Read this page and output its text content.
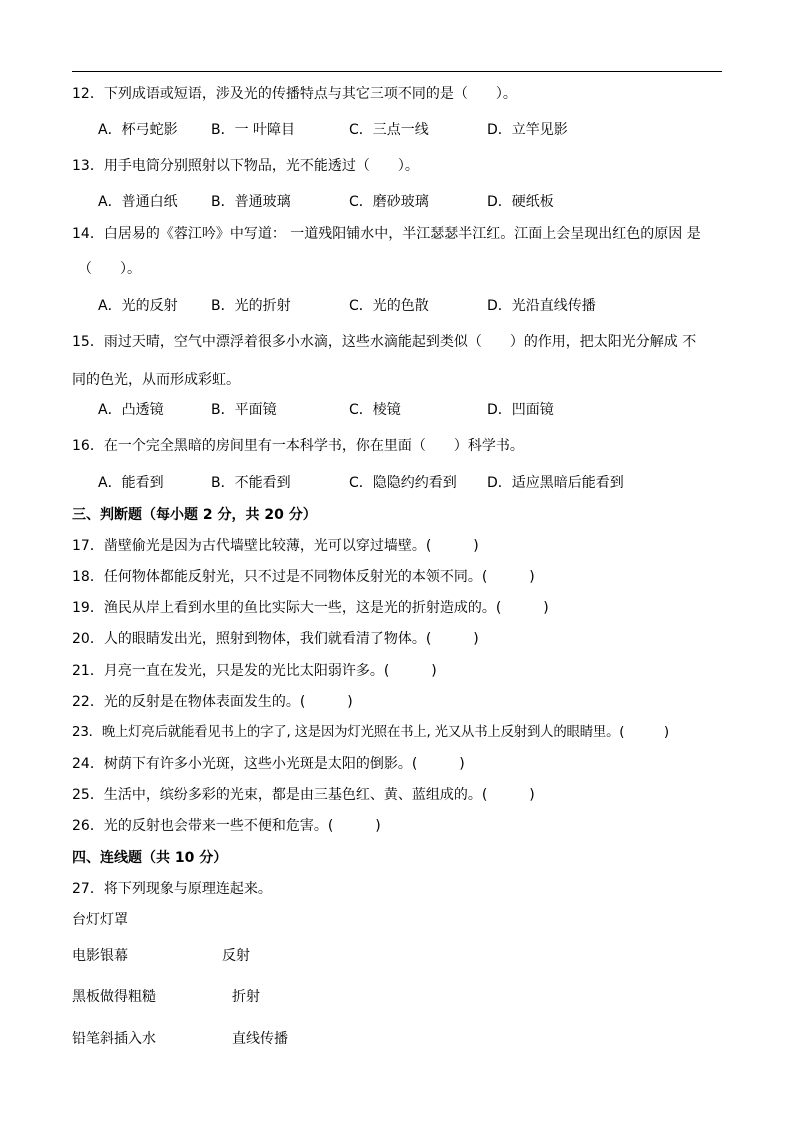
12．下列成语或短语，涉及光的传播特点与其它三项不同的是（　　）。
A．杯弓蛇影 B．一 叶障目	C．三点一线	D．立竿见影
13．用手电筒分别照射以下物品，光不能透过（　　）。
A．普通白纸 B．普通玻璃	C．磨砂玻璃	D．硬纸板
14．白居易的《蓉江吟》中写道： 一道残阳铺水中，半江瑟瑟半江红。江面上会呈现出红色的原因 是
（　　）。
A．光的反射 B．光的折射	C．光的色散	D．光沿直线传播
15．雨过天晴，空气中漂浮着很多小水滴，这些水滴能起到类似（　　）的作用，把太阳光分解成 不
同的色光，从而形成彩虹。
A．凸透镜	B．平面镜	C．棱镜	D．凹面镜
16．在一个完全黑暗的房间里有一本科学书，你在里面（　　）科学书。
A．能看到	B．不能看到	C．隐隐约约看到 D．适应黑暗后能看到
三、判断题（每小题 2 分，共 20 分）
17．凿壁偷光是因为古代墙壁比较薄，光可以穿过墙壁。(　　　)
18．任何物体都能反射光，只不过是不同物体反射光的本领不同。(　　　)
19．渔民从岸上看到水里的鱼比实际大一些，这是光的折射造成的。(　　　)
20．人的眼睛发出光，照射到物体，我们就看清了物体。(　　　)
21．月亮一直在发光，只是发的光比太阳弱许多。(　　　)
22．光的反射是在物体表面发生的。(　　　)
23．晚上灯亮后就能看见书上的字了, 这是因为灯光照在书上, 光又从书上反射到人的眼睛里。(　　　)
24．树荫下有许多小光斑，这些小光斑是太阳的倒影。(　　　)
25．生活中，缤纷多彩的光束，都是由三基色红、黄、蓝组成的。(　　　)
26．光的反射也会带来一些不便和危害。(　　　)
四、连线题（共 10 分）
27．将下列现象与原理连起来。
台灯灯罩
电影银幕	反射
黑板做得粗糙	折射
铅笔斜插入水	直线传播
